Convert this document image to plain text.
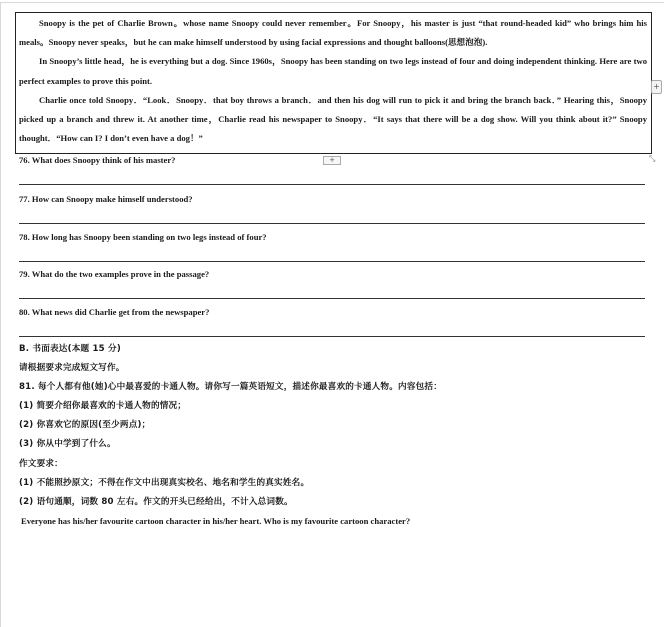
Snoopy is the pet of Charlie Brown。whose name Snoopy could never remember。For Snoopy，his master is just “that round-headed kid” who brings him his meals。Snoopy never speaks，but he can make himself understood by using facial expressions and thought balloons(思想泡泡).

In Snoopy’s little head，he is everything but a dog. Since 1960s，Snoopy has been standing on two legs instead of four and doing independent thinking. Here are two perfect examples to prove this point.

Charlie once told Snoopy．“Look．Snoopy．that boy throws a branch．and then his dog will run to pick it and bring the branch back．” Hearing this，Snoopy picked up a branch and threw it. At another time，Charlie read his newspaper to Snoopy．“It says that there will be a dog show. Will you think about it?” Snoopy thought．“How can I? I don’t even have a dog！”

+
+	⤡
76. What does Snoopy think of his master?
77. How can Snoopy make himself understood?
78. How long has Snoopy been standing on two legs instead of four?
79. What do the two examples prove in the passage?
80. What news did Charlie get from the newspaper?
B. 书面表达(本题 15 分)
请根据要求完成短文写作。
81. 每个人都有他(她)心中最喜爱的卡通人物。请你写一篇英语短文，描述你最喜欢的卡通人物。内容包括：
(1) 简要介绍你最喜欢的卡通人物的情况；
(2) 你喜欢它的原因(至少两点)；
(3) 你从中学到了什么。
作文要求：
(1) 不能照抄原文；不得在作文中出现真实校名、地名和学生的真实姓名。
(2) 语句通顺，词数 80 左右。作文的开头已经给出，不计入总词数。
Everyone has his/her favourite cartoon character in his/her heart. Who is my favourite cartoon character?
